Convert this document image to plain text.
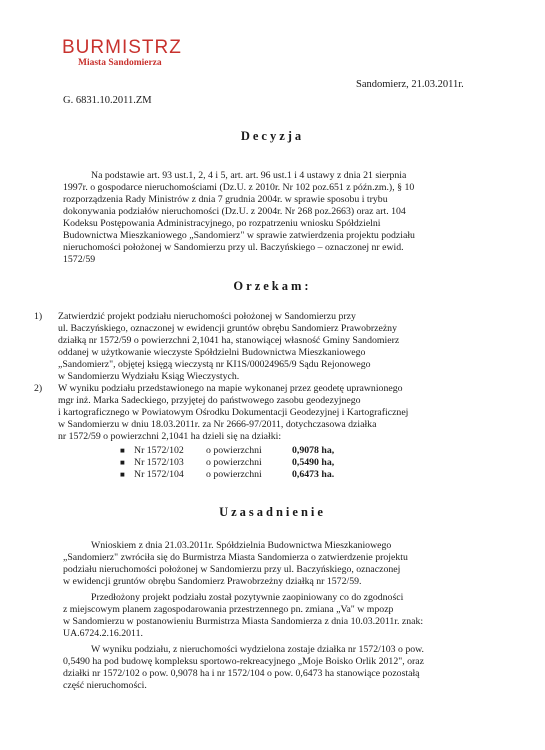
BURMISTRZ
Miasta Sandomierza
Sandomierz, 21.03.2011r.
G. 6831.10.2011.ZM
Decyzja
Na podstawie art. 93 ust.1, 2, 4 i 5, art. art. 96 ust.1 i 4 ustawy z dnia 21 sierpnia
1997r. o gospodarce nieruchomościami (Dz.U. z 2010r. Nr 102 poz.651 z późn.zm.), § 10
rozporządzenia Rady Ministrów z dnia 7 grudnia 2004r. w sprawie sposobu i trybu
dokonywania podziałów nieruchomości (Dz.U. z 2004r. Nr 268 poz.2663) oraz art. 104
Kodeksu Postępowania Administracyjnego, po rozpatrzeniu wniosku Spółdzielni
Budownictwa Mieszkaniowego „Sandomierz" w sprawie zatwierdzenia projektu podziału
nieruchomości położonej w Sandomierzu przy ul. Baczyńskiego – oznaczonej nr ewid.
1572/59
Orzekam:
1) Zatwierdzić projekt podziału nieruchomości położonej w Sandomierzu przy
ul. Baczyńskiego, oznaczonej w ewidencji gruntów obrębu Sandomierz Prawobrzeżny
działką nr 1572/59 o powierzchni 2,1041 ha, stanowiącej własność Gminy Sandomierz
oddanej w użytkowanie wieczyste Spółdzielni Budownictwa Mieszkaniowego
„Sandomierz", objętej księgą wieczystą nr KI1S/00024965/9 Sądu Rejonowego
w Sandomierzu Wydziału Ksiąg Wieczystych.
2) W wyniku podziału przedstawionego na mapie wykonanej przez geodetę uprawnionego
mgr inż. Marka Sadeckiego, przyjętej do państwowego zasobu geodezyjnego
i kartograficznego w Powiatowym Ośrodku Dokumentacji Geodezyjnej i Kartograficznej
w Sandomierzu w dniu 18.03.2011r. za Nr 2666-97/2011, dotychczasowa działka
nr 1572/59 o powierzchni 2,1041 ha dzieli się na działki:
■ Nr 1572/102	o powierzchni	0,9078 ha,
■ Nr 1572/103	o powierzchni	0,5490 ha,
■ Nr 1572/104	o powierzchni	0,6473 ha.
Uzasadnienie
Wnioskiem z dnia 21.03.2011r. Spółdzielnia Budownictwa Mieszkaniowego
„Sandomierz" zwróciła się do Burmistrza Miasta Sandomierza o zatwierdzenie projektu
podziału nieruchomości położonej w Sandomierzu przy ul. Baczyńskiego, oznaczonej
w ewidencji gruntów obrębu Sandomierz Prawobrzeżny działką nr 1572/59.
Przedłożony projekt podziału został pozytywnie zaopiniowany co do zgodności
z miejscowym planem zagospodarowania przestrzennego pn. zmiana „Va" w mpozp
w Sandomierzu w postanowieniu Burmistrza Miasta Sandomierza z dnia 10.03.2011r. znak:
UA.6724.2.16.2011.
W wyniku podziału, z nieruchomości wydzielona zostaje działka nr 1572/103 o pow.
0,5490 ha pod budowę kompleksu sportowo-rekreacyjnego „Moje Boisko Orlik 2012", oraz
działki nr 1572/102 o pow. 0,9078 ha i nr 1572/104 o pow. 0,6473 ha stanowiące pozostałą
część nieruchomości.
